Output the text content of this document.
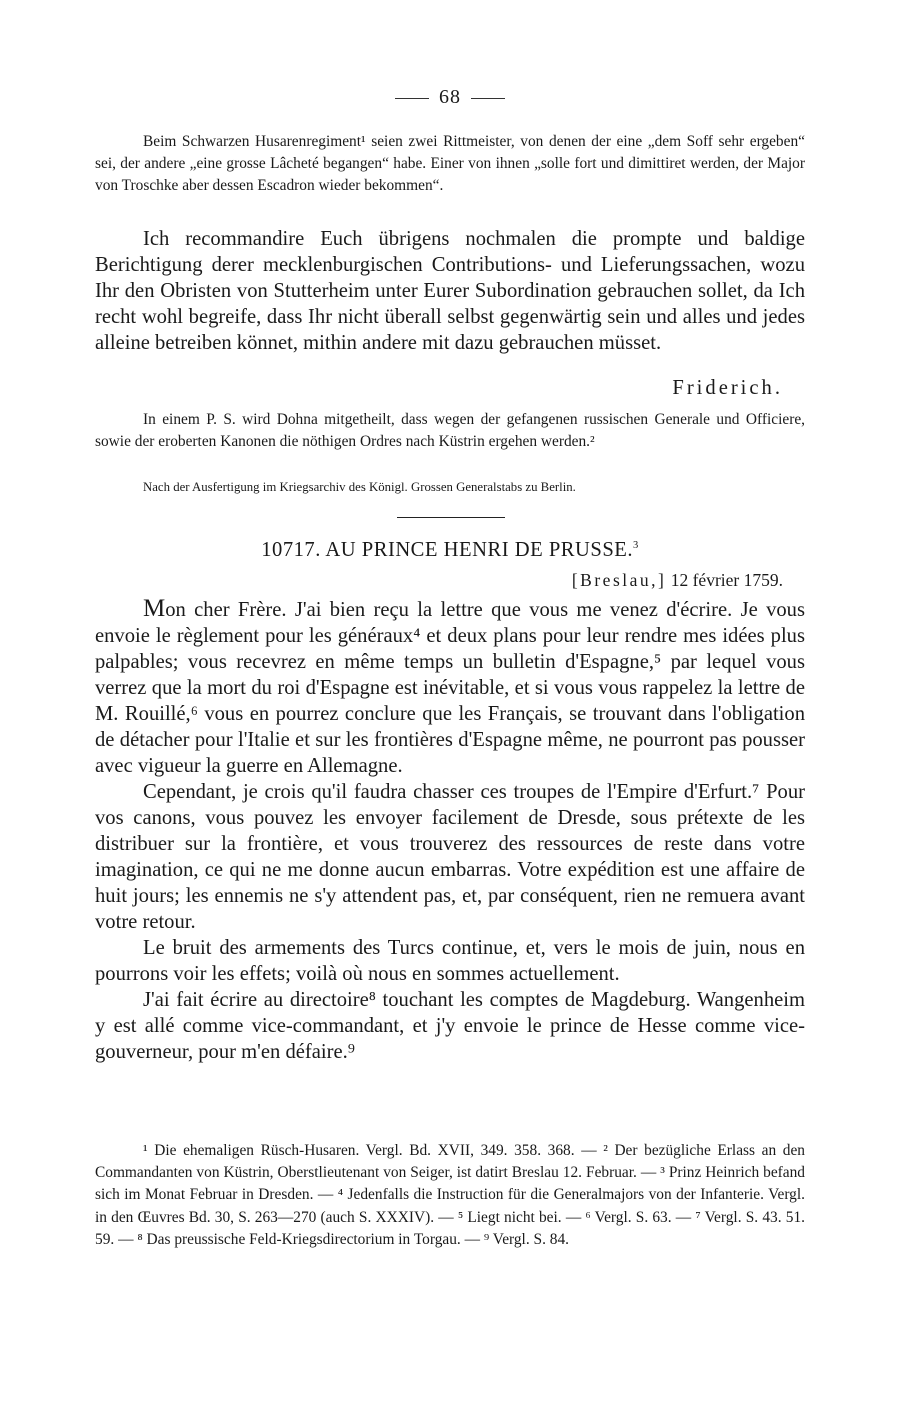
68

Beim Schwarzen Husarenregiment¹ seien zwei Rittmeister, von denen der eine „dem Soff sehr ergeben“ sei, der andere „eine grosse Lâcheté begangen“ habe. Einer von ihnen „solle fort und dimittiret werden, der Major von Troschke aber dessen Escadron wieder bekommen“.

Ich recommandire Euch übrigens nochmalen die prompte und baldige Berichtigung derer mecklenburgischen Contributions- und Lieferungssachen, wozu Ihr den Obristen von Stutterheim unter Eurer Subordination gebrauchen sollet, da Ich recht wohl begreife, dass Ihr nicht überall selbst gegenwärtig sein und alles und jedes alleine betreiben könnet, mithin andere mit dazu gebrauchen müsset.

Friderich.

In einem P. S. wird Dohna mitgetheilt, dass wegen der gefangenen russischen Generale und Officiere, sowie der eroberten Kanonen die nöthigen Ordres nach Küstrin ergehen werden.²

Nach der Ausfertigung im Kriegsarchiv des Königl. Grossen Generalstabs zu Berlin.
10717. AU PRINCE HENRI DE PRUSSE.$^3$
[Breslau,] 12 février 1759.

Mon cher Frère. J'ai bien reçu la lettre que vous me venez d'écrire. Je vous envoie le règlement pour les généraux⁴ et deux plans pour leur rendre mes idées plus palpables; vous recevrez en même temps un bulletin d'Espagne,⁵ par lequel vous verrez que la mort du roi d'Espagne est inévitable, et si vous vous rappelez la lettre de M. Rouillé,⁶ vous en pourrez conclure que les Français, se trouvant dans l'obligation de détacher pour l'Italie et sur les frontières d'Espagne même, ne pourront pas pousser avec vigueur la guerre en Allemagne.

Cependant, je crois qu'il faudra chasser ces troupes de l'Empire d'Erfurt.⁷ Pour vos canons, vous pouvez les envoyer facilement de Dresde, sous prétexte de les distribuer sur la frontière, et vous trouverez des ressources de reste dans votre imagination, ce qui ne me donne aucun embarras. Votre expédition est une affaire de huit jours; les ennemis ne s'y attendent pas, et, par conséquent, rien ne remuera avant votre retour.

Le bruit des armements des Turcs continue, et, vers le mois de juin, nous en pourrons voir les effets; voilà où nous en sommes actuellement.

J'ai fait écrire au directoire⁸ touchant les comptes de Magdeburg. Wangenheim y est allé comme vice-commandant, et j'y envoie le prince de Hesse comme vice-gouverneur, pour m'en défaire.⁹

¹ Die ehemaligen Rüsch-Husaren. Vergl. Bd. XVII, 349. 358. 368. — ² Der bezügliche Erlass an den Commandanten von Küstrin, Oberstlieutenant von Seiger, ist datirt Breslau 12. Februar. — ³ Prinz Heinrich befand sich im Monat Februar in Dresden. — ⁴ Jedenfalls die Instruction für die Generalmajors von der Infanterie. Vergl. in den Œuvres Bd. 30, S. 263—270 (auch S. XXXIV). — ⁵ Liegt nicht bei. — ⁶ Vergl. S. 63. — ⁷ Vergl. S. 43. 51. 59. — ⁸ Das preussische Feld-Kriegsdirectorium in Torgau. — ⁹ Vergl. S. 84.
